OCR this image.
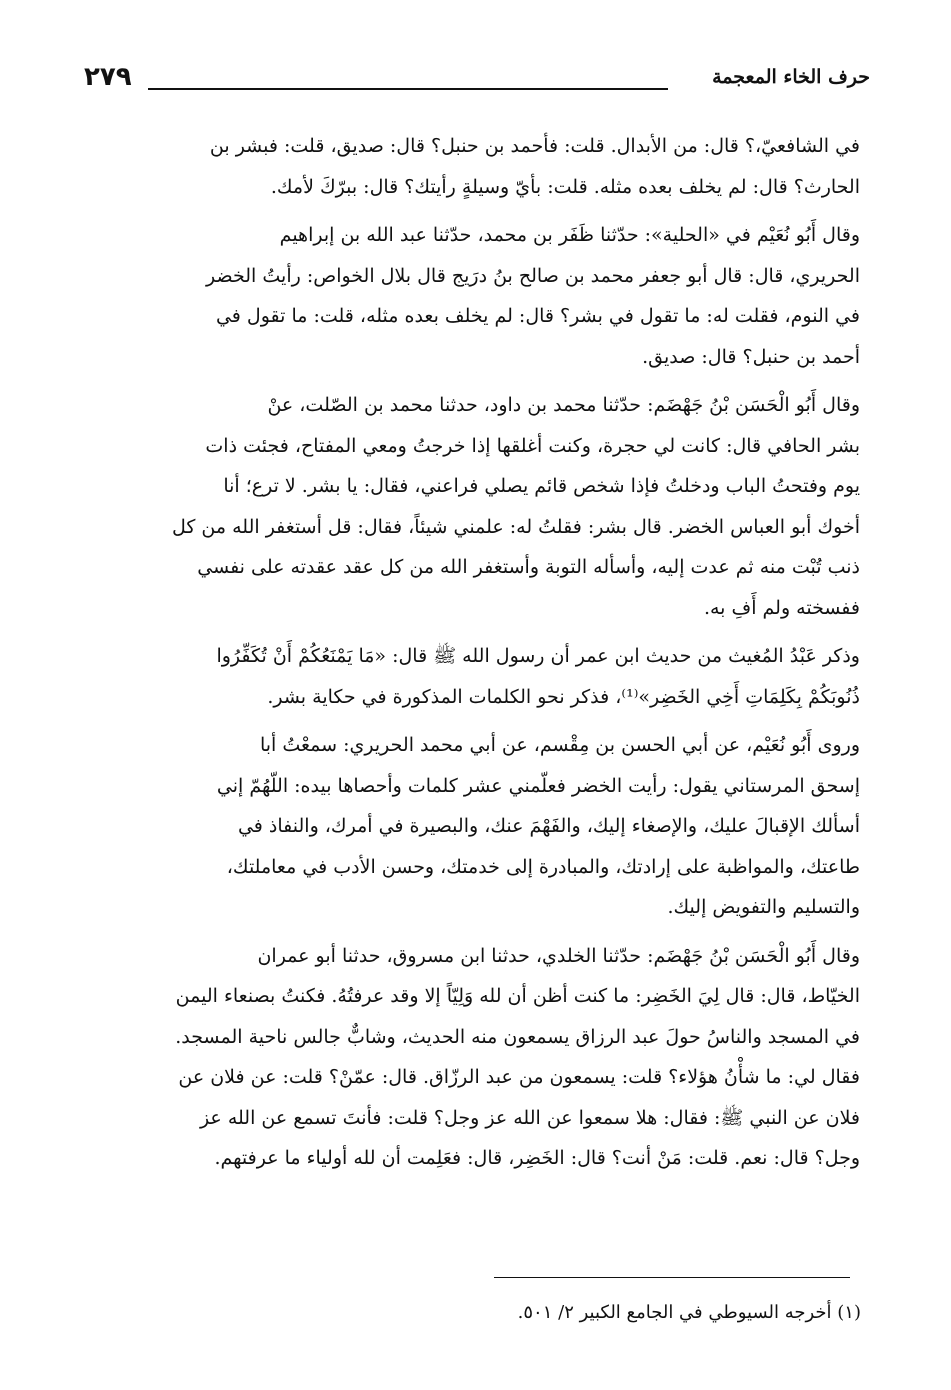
٢٧٩	حرف الخاء المعجمة
في الشافعيّ،؟ قال: من الأبدال. قلت: فأحمد بن حنبل؟ قال: صديق، قلت: فبشر بن
الحارث؟ قال: لم يخلف بعده مثله. قلت: بأيّ وسيلةٍ رأيتك؟ قال: ببرّكَ لأمك.
وقال أَبُو نُعَيْم في «الحلية»: حدّثنا ظَفَر بن محمد، حدّثنا عبد الله بن إبراهيم
الحريري، قال: قال أبو جعفر محمد بن صالح بنُ درَيج قال بلال الخواص: رأيتُ الخضر
في النوم، فقلت له: ما تقول في بشر؟ قال: لم يخلف بعده مثله، قلت: ما تقول في
أحمد بن حنبل؟ قال: صديق.
وقال أَبُو الْحَسَن بْنُ جَهْضَم: حدّثنا محمد بن داود، حدثنا محمد بن الصّلت، عنْ
بشر الحافي قال: كانت لي حجرة، وكنت أغلقها إذا خرجتُ ومعي المفتاح، فجئت ذات
يوم وفتحتُ الباب ودخلتُ فإذا شخص قائم يصلي فراعني، فقال: يا بشر. لا ترع؛ أنا
أخوك أبو العباس الخضر. قال بشر: فقلتُ له: علمني شيئاً، فقال: قل أستغفر الله من كل
ذنب تُبْت منه ثم عدت إليه، وأسأله التوبة وأستغفر الله من كل عقد عقدته على نفسي
ففسخته ولم أَفِ به.
وذكر عَبْدُ المُغيث من حديث ابن عمر أن رسول الله ﷺ قال: «مَا يَمْنَعُكُمْ أَنْ تُكَفِّرُوا
ذُنُوبَكُمْ بِكَلِمَاتِ أَخِي الخَضِر»⁽¹⁾، فذكر نحو الكلمات المذكورة في حكاية بشر.
وروى أَبُو نُعَيْم، عن أبي الحسن بن مِقْسم، عن أبي محمد الحريري: سمعْتُ أبا
إسحق المرستاني يقول: رأيت الخضر فعلّمني عشر كلمات وأحصاها بيده: اللّهُمّ إني
أسألك الإقبالَ عليك، والإصغاء إليك، والفَهْمَ عنك، والبصيرة في أمرك، والنفاذ في
طاعتك، والمواظبة على إرادتك، والمبادرة إلى خدمتك، وحسن الأدب في معاملتك،
والتسليم والتفويض إليك.
وقال أَبُو الْحَسَن بْنُ جَهْضَم: حدّثنا الخلدي، حدثنا ابن مسروق، حدثنا أبو عمران
الخيّاط، قال: قال لِيَ الخَضِر: ما كنت أظن أن لله وَلِيّاً إلا وقد عرفتُهُ. فكنتُ بصنعاء اليمن
في المسجد والناسُ حولَ عبد الرزاق يسمعون منه الحديث، وشابٌّ جالس ناحية المسجد.
فقال لي: ما شأْنُ هؤلاء؟ قلت: يسمعون من عبد الرزّاق. قال: عمّنْ؟ قلت: عن فلان عن
فلان عن النبي ﷺ: فقال: هلا سمعوا عن الله عز وجل؟ قلت: فأنتَ تسمع عن الله عز
وجل؟ قال: نعم. قلت: مَنْ أنت؟ قال: الخَضِر، قال: فعَلِمت أن لله أولياء ما عرفتهم.
(١) أخرجه السيوطي في الجامع الكبير ٢/ ٥٠١.
